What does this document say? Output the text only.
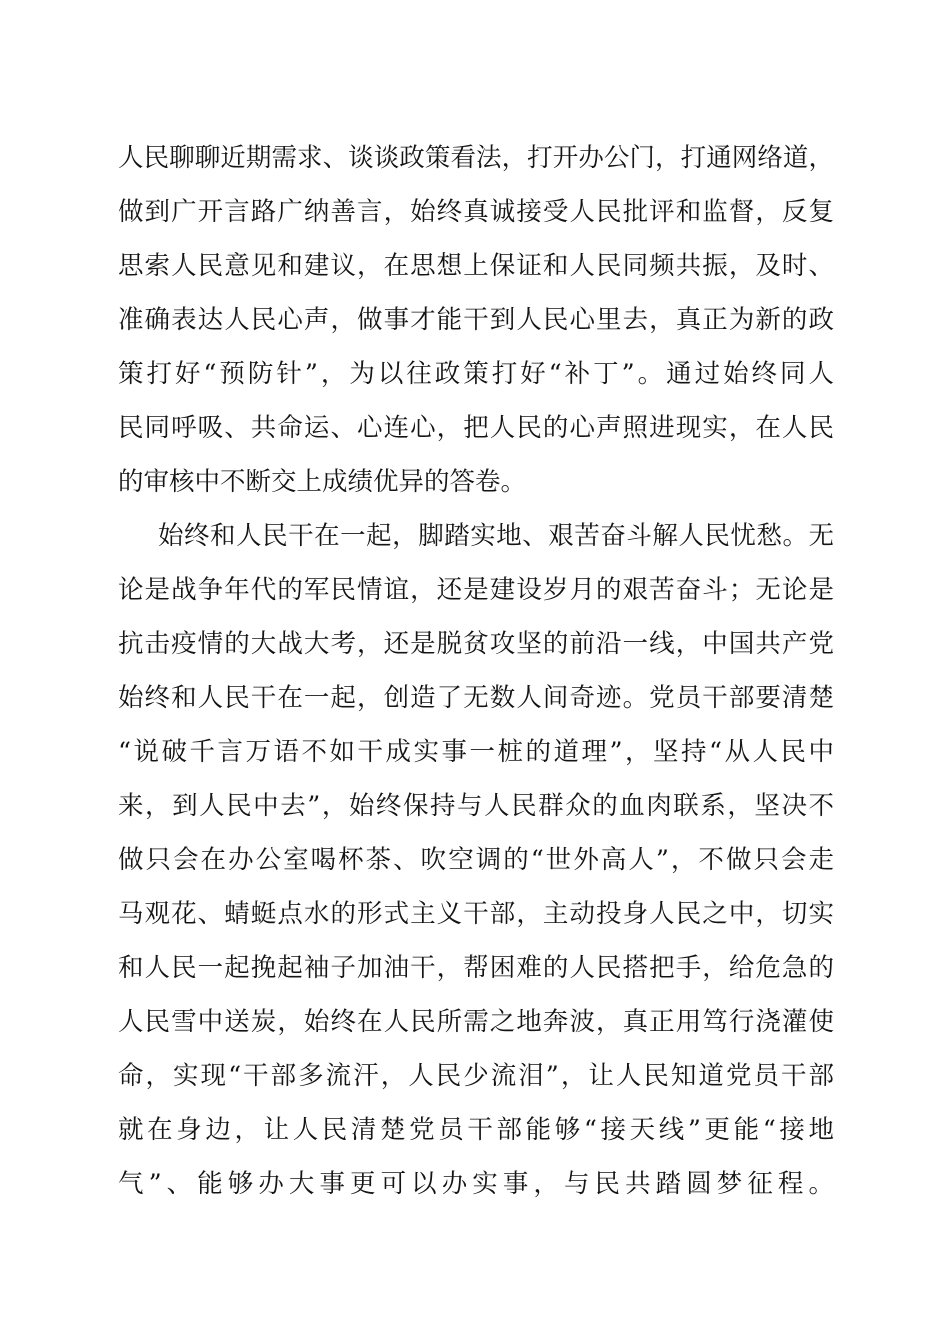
人民聊聊近期需求、谈谈政策看法，打开办公门，打通网络道，
做到广开言路广纳善言，始终真诚接受人民批评和监督，反复
思索人民意见和建议，在思想上保证和人民同频共振，及时、
准确表达人民心声，做事才能干到人民心里去，真正为新的政
策打好“预防针”，为以往政策打好“补丁”。通过始终同人
民同呼吸、共命运、心连心，把人民的心声照进现实，在人民
的审核中不断交上成绩优异的答卷。
始终和人民干在一起，脚踏实地、艰苦奋斗解人民忧愁。无
论是战争年代的军民情谊，还是建设岁月的艰苦奋斗；无论是
抗击疫情的大战大考，还是脱贫攻坚的前沿一线，中国共产党
始终和人民干在一起，创造了无数人间奇迹。党员干部要清楚
“说破千言万语不如干成实事一桩的道理”，坚持“从人民中
来，到人民中去”，始终保持与人民群众的血肉联系，坚决不
做只会在办公室喝杯茶、吹空调的“世外高人”，不做只会走
马观花、蜻蜓点水的形式主义干部，主动投身人民之中，切实
和人民一起挽起袖子加油干，帮困难的人民搭把手，给危急的
人民雪中送炭，始终在人民所需之地奔波，真正用笃行浇灌使
命，实现“干部多流汗，人民少流泪”，让人民知道党员干部
就在身边，让人民清楚党员干部能够“接天线”更能“接地
气”、能够办大事更可以办实事，与民共踏圆梦征程。
